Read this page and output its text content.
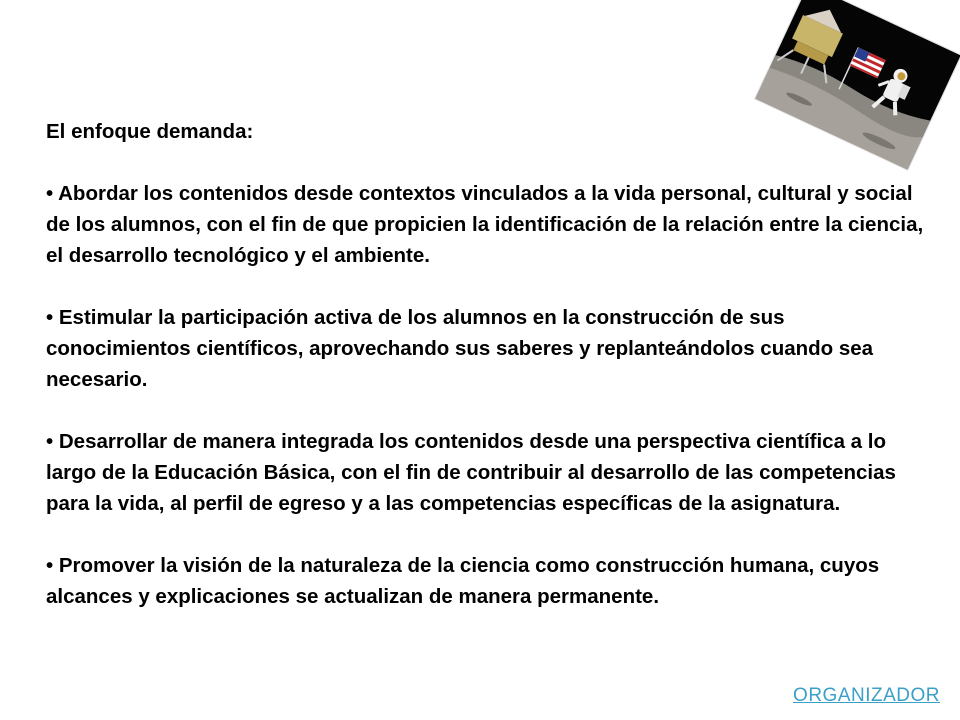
El enfoque demanda:

• Abordar los contenidos desde contextos vinculados a la vida personal, cultural y social de los alumnos, con el fin de que propicien la identificación de la relación entre la ciencia, el desarrollo tecnológico y el ambiente.

• Estimular la participación activa de los alumnos en la construcción de sus conocimientos científicos, aprovechando sus saberes y replanteándolos cuando sea necesario.

• Desarrollar de manera integrada los contenidos desde una perspectiva científica a lo largo de la Educación Básica, con el fin de contribuir al desarrollo de las competencias para la vida, al perfil de egreso y a las competencias específicas de la asignatura.

• Promover la visión de la naturaleza de la ciencia como construcción humana, cuyos alcances y explicaciones se actualizan de manera permanente.

ORGANIZADOR
